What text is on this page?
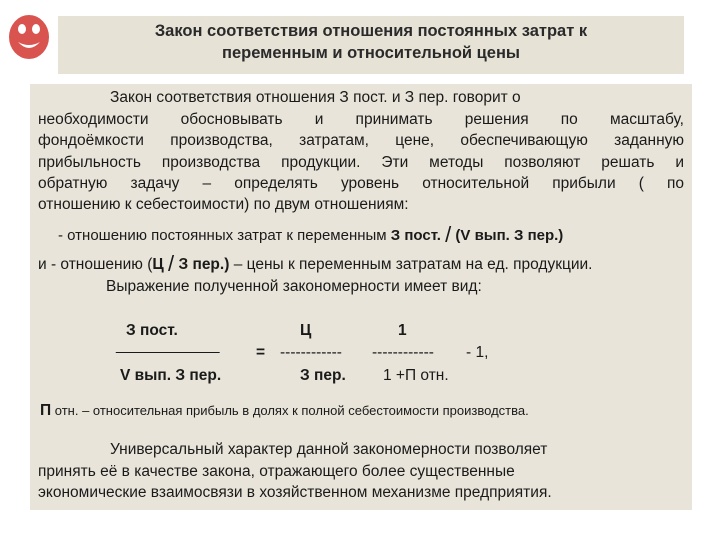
Закон соответствия отношения постоянных затрат к
переменным и относительной цены
Закон соответствия отношения З пост. и З пер. говорит о
необходимости обосновывать и принимать решения по масштабу,
фондоёмкости производства, затратам, цене, обеспечивающую заданную
прибыльность производства продукции. Эти методы позволяют решать и
обратную задачу – определять уровень относительной прибыли ( по
отношению к себестоимости) по двум отношениям:
- отношению постоянных затрат к переменным З пост. / (V вып. З пер.)
и - отношению (Ц / З пер.) – цены к переменным затратам на ед. продукции.
Выражение полученной закономерности имеет вид:
З пост.
____________
V вып. З пер.
=
Ц
------------
З пер.
1
------------
1 +П отн.
- 1,
П отн. – относительная прибыль в долях к полной себестоимости производства.
Универсальный характер данной закономерности позволяет
принять её в качестве закона, отражающего более существенные
экономические взаимосвязи в хозяйственном механизме предприятия.
